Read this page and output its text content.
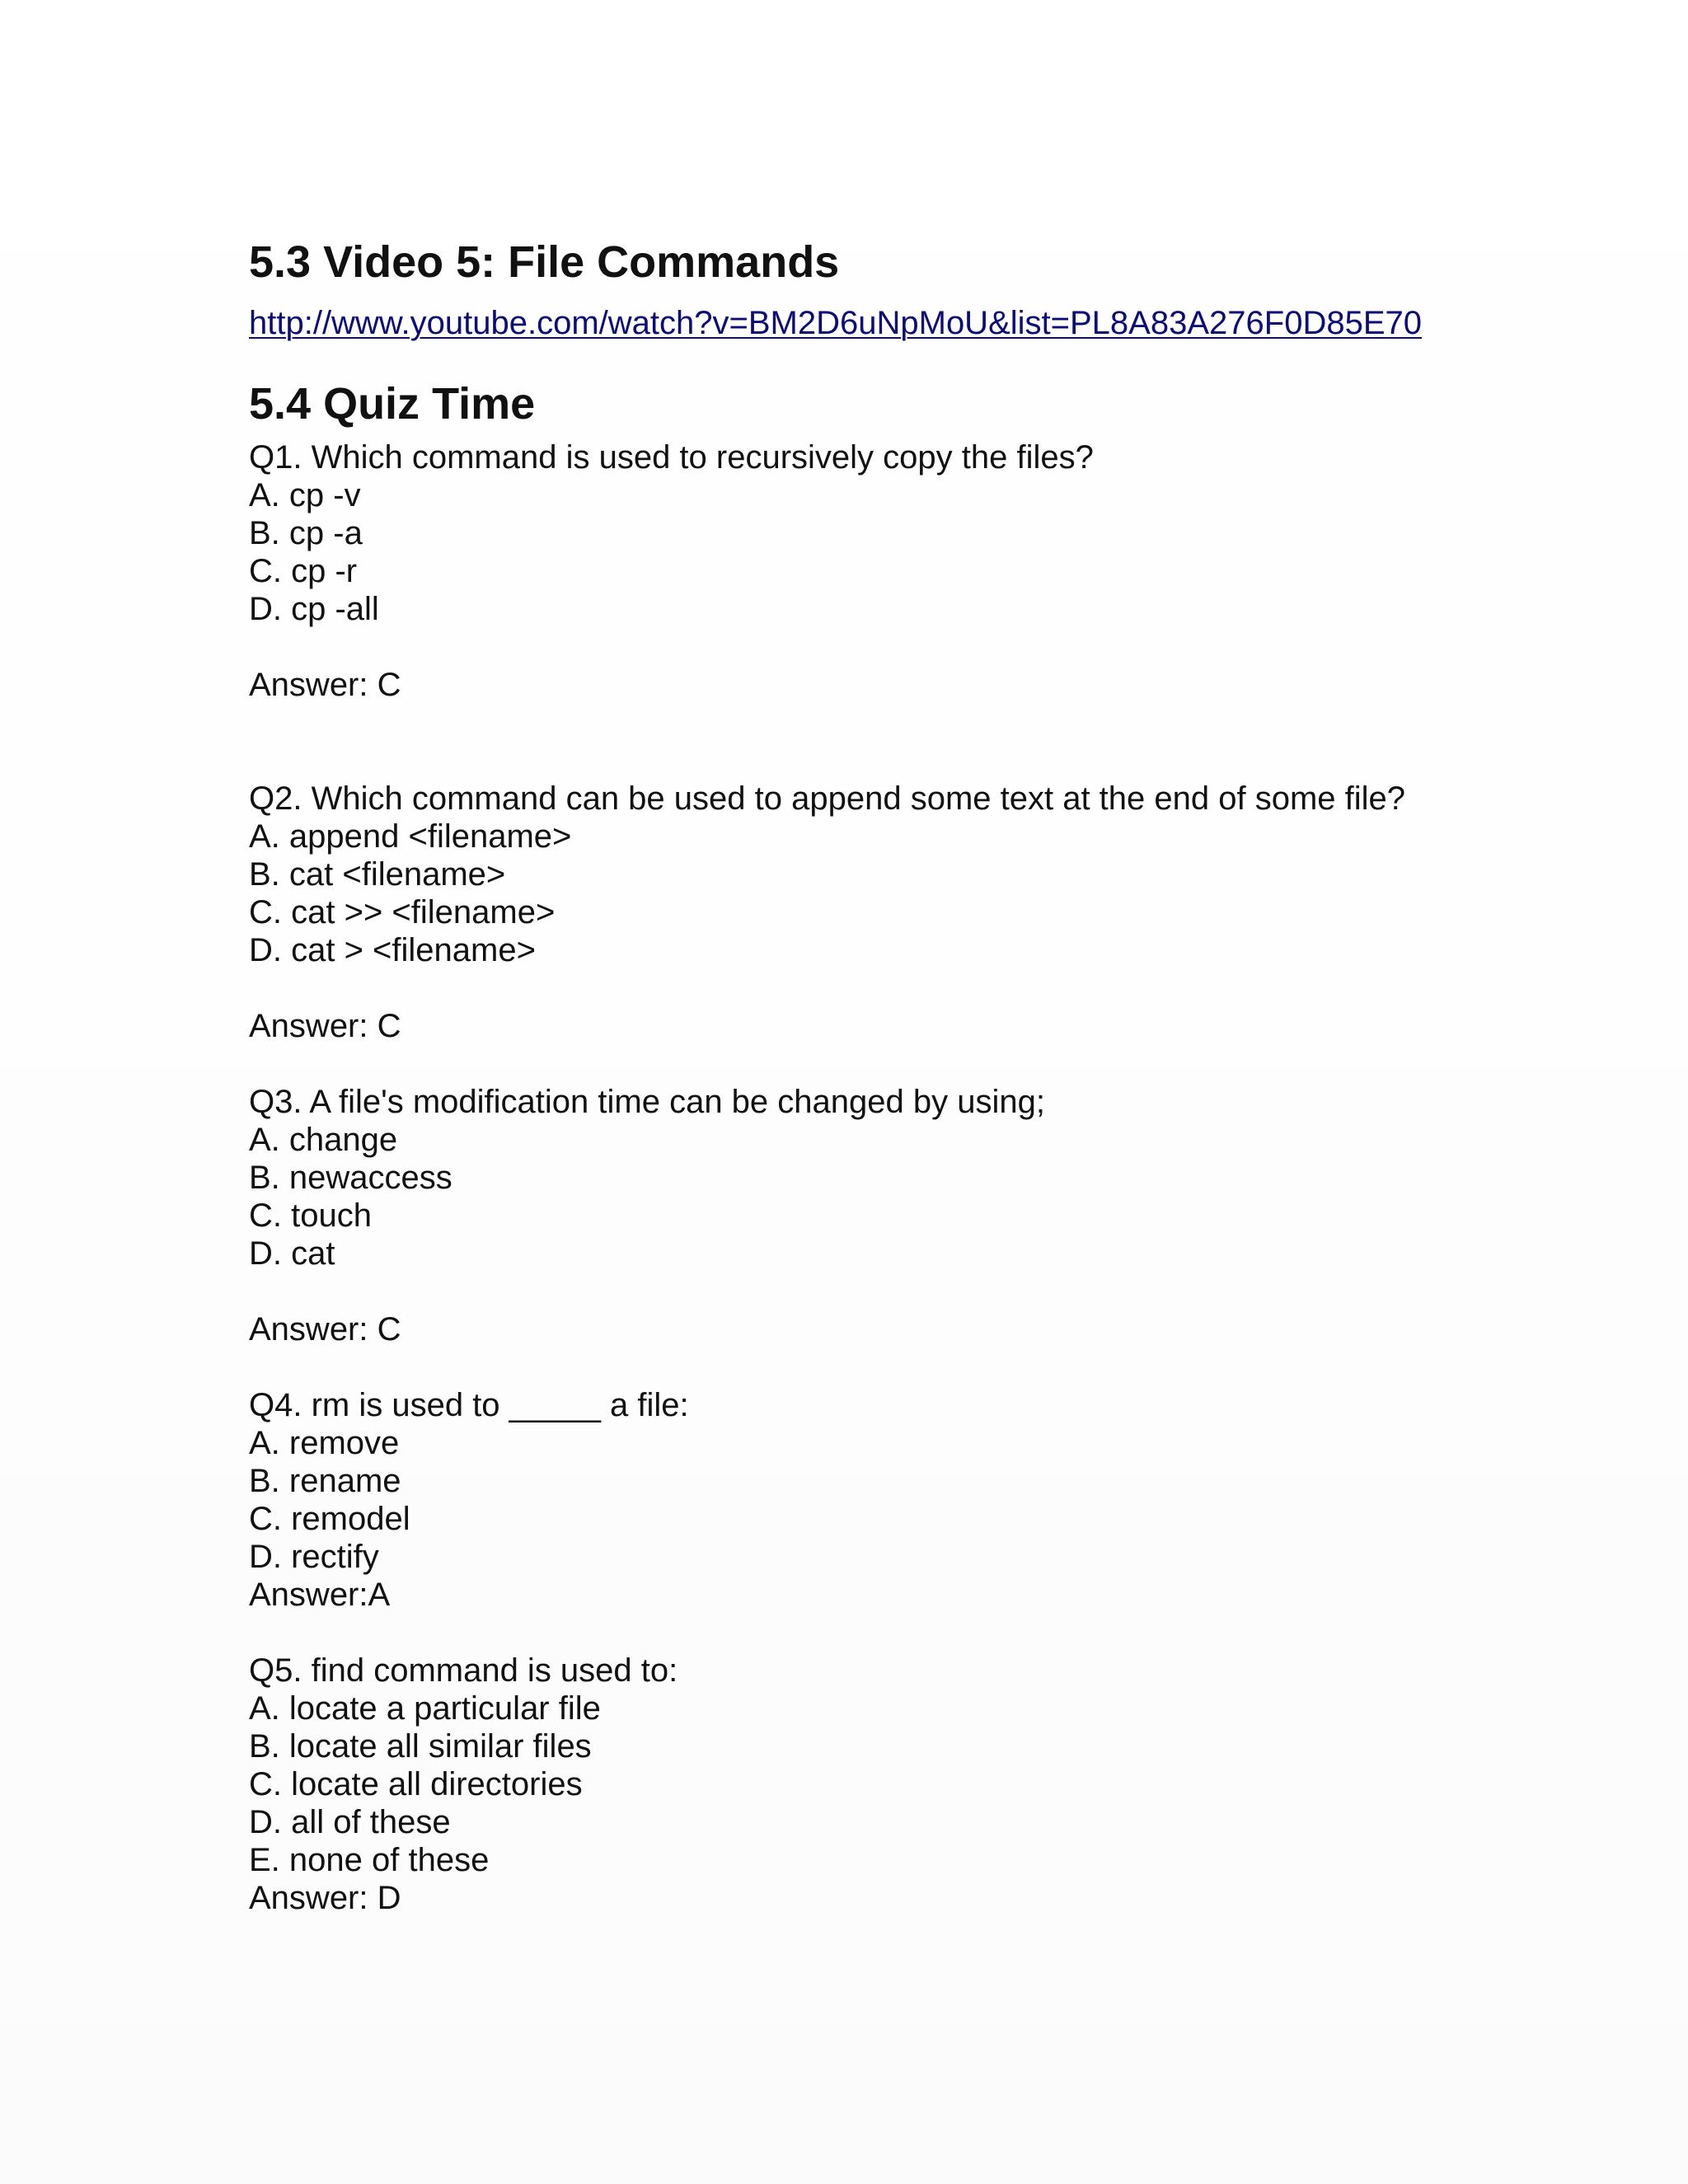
5.3 Video 5: File Commands
http://www.youtube.com/watch?v=BM2D6uNpMoU&list=PL8A83A276F0D85E70
5.4 Quiz Time
Q1. Which command is used to recursively copy the files?
A. cp -v
B. cp -a
C. cp -r
D. cp -all
Answer: C
Q2. Which command can be used to append some text at the end of some file?
A. append <filename>
B. cat <filename>
C. cat >> <filename>
D. cat > <filename>
Answer: C
Q3. A file's modification time can be changed by using;
A. change
B. newaccess
C. touch
D. cat
Answer: C
Q4. rm is used to _____ a file:
A. remove
B. rename
C. remodel
D. rectify
Answer:A
Q5. find command is used to:
A. locate a particular file
B. locate all similar files
C. locate all directories
D. all of these
E. none of these
Answer: D
